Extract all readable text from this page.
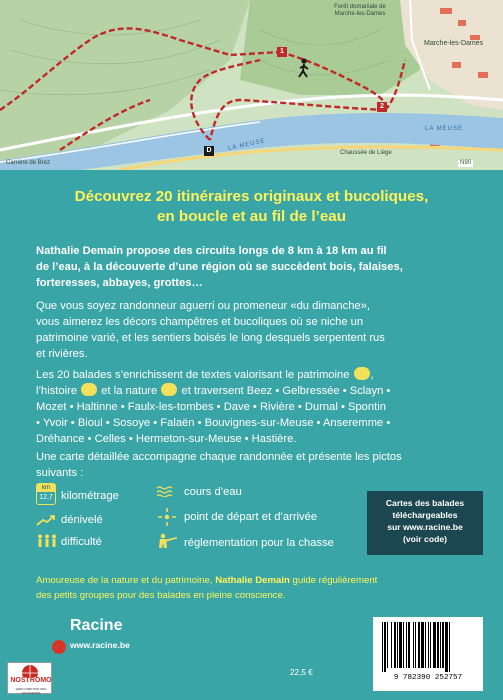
Forêt domaniale de Marche-les-Dames
Marche-les-Dames
LA MEUSE
LA MEUSE
Chaussée de Liège
N90
Carrière de Brez
1
2
D
Découvrez 20 itinéraires originaux et bucoliques,
en boucle et au fil de l’eau
Nathalie Demain propose des circuits longs de 8 km à 18 km au fil
de l’eau, à la découverte d’une région où se succèdent bois, falaises,
forteresses, abbayes, grottes…
Que vous soyez randonneur aguerri ou promeneur «du dimanche»,
vous aimerez les décors champêtres et bucoliques où se niche un
patrimoine varié, et les sentiers boisés le long desquels serpentent rus
et rivières.
Les 20 balades s’enrichissent de textes valorisant le patrimoine ,
l’histoire et la nature et traversent Beez • Gelbressée • Sclayn •
Mozet • Haltinne • Faulx-les-tombes • Dave • Rivière • Durnal • Spontin
• Yvoir • Bioul • Sosoye • Falaën • Bouvignes-sur-Meuse • Anseremme •
Dréhance • Celles • Hermeton-sur-Meuse • Hastière.
Une carte détaillée accompagne chaque randonnée et présente les pictos
suivants :
km
12,7 kilométrage
dénivelé
difficulté
cours d’eau
point de départ et d’arrivée
réglementation pour la chasse
Cartes des balades
téléchargeables
sur www.racine.be
(voir code)
Amoureuse de la nature et du patrimoine, Nathalie Demain guide régulièrement
des petits groupes pour des balades en pleine conscience.
Racine
www.racine.be
22,5 €
9 782390 252757
NOSTROMO
WEB COMPTOIR DES VOYAGEURS
